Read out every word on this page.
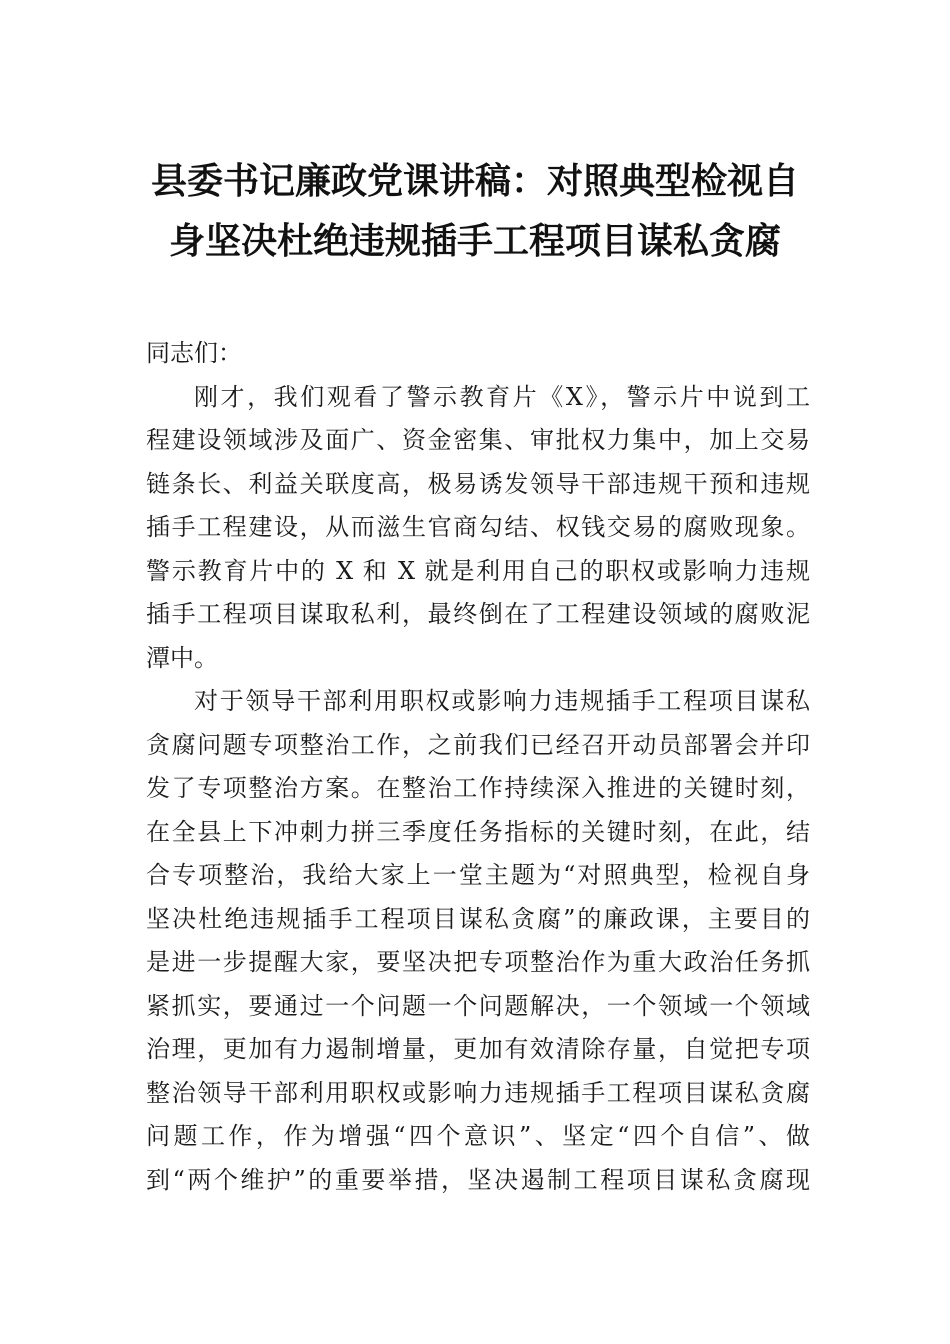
县委书记廉政党课讲稿：对照典型检视自
身坚决杜绝违规插手工程项目谋私贪腐
同志们：
刚才，我们观看了警示教育片《X》，警示片中说到工
程建设领域涉及面广、资金密集、审批权力集中，加上交易
链条长、利益关联度高，极易诱发领导干部违规干预和违规
插手工程建设，从而滋生官商勾结、权钱交易的腐败现象。
警示教育片中的 X 和 X 就是利用自己的职权或影响力违规
插手工程项目谋取私利，最终倒在了工程建设领域的腐败泥
潭中。
对于领导干部利用职权或影响力违规插手工程项目谋私
贪腐问题专项整治工作，之前我们已经召开动员部署会并印
发了专项整治方案。在整治工作持续深入推进的关键时刻，
在全县上下冲刺力拼三季度任务指标的关键时刻，在此，结
合专项整治，我给大家上一堂主题为“对照典型，检视自身
坚决杜绝违规插手工程项目谋私贪腐”的廉政课，主要目的
是进一步提醒大家，要坚决把专项整治作为重大政治任务抓
紧抓实，要通过一个问题一个问题解决，一个领域一个领域
治理，更加有力遏制增量，更加有效清除存量，自觉把专项
整治领导干部利用职权或影响力违规插手工程项目谋私贪腐
问题工作，作为增强“四个意识”、坚定“四个自信”、做
到“两个维护”的重要举措，坚决遏制工程项目谋私贪腐现
